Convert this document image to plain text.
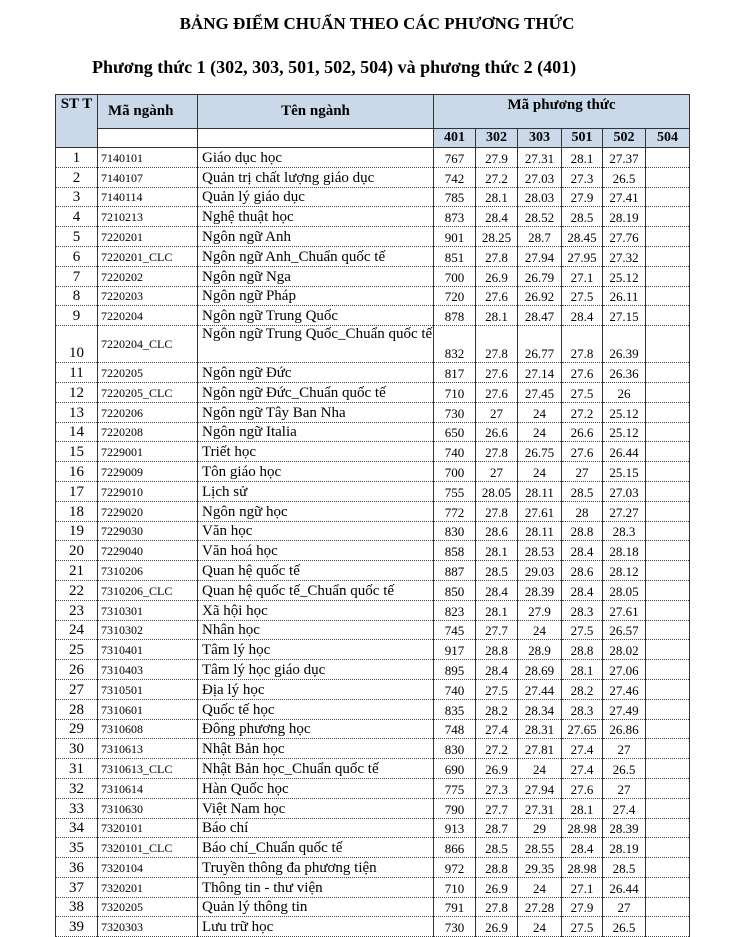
BẢNG ĐIỂM CHUẨN THEO CÁC PHƯƠNG THỨC
Phương thức 1 (302, 303, 501, 502, 504) và phương thức 2 (401)
ST T	Mã ngành	Tên ngành	Mã phương thức					
			401	302	303	501	502	504
1	7140101	Giáo dục học	767	27.9	27.31	28.1	27.37	
2	7140107	Quản trị chất lượng giáo dục	742	27.2	27.03	27.3	26.5	
3	7140114	Quản lý giáo dục	785	28.1	28.03	27.9	27.41	
4	7210213	Nghệ thuật học	873	28.4	28.52	28.5	28.19	
5	7220201	Ngôn ngữ Anh	901	28.25	28.7	28.45	27.76	
6	7220201_CLC	Ngôn ngữ Anh_Chuẩn quốc tế	851	27.8	27.94	27.95	27.32	
7	7220202	Ngôn ngữ Nga	700	26.9	26.79	27.1	25.12	
8	7220203	Ngôn ngữ Pháp	720	27.6	26.92	27.5	26.11	
9	7220204	Ngôn ngữ Trung Quốc	878	28.1	28.47	28.4	27.15	
10	7220204_CLC	Ngôn ngữ Trung Quốc_Chuẩn quốc tế	832	27.8	26.77	27.8	26.39	
11	7220205	Ngôn ngữ Đức	817	27.6	27.14	27.6	26.36	
12	7220205_CLC	Ngôn ngữ Đức_Chuẩn quốc tế	710	27.6	27.45	27.5	26	
13	7220206	Ngôn ngữ Tây Ban Nha	730	27	24	27.2	25.12	
14	7220208	Ngôn ngữ Italia	650	26.6	24	26.6	25.12	
15	7229001	Triết học	740	27.8	26.75	27.6	26.44	
16	7229009	Tôn giáo học	700	27	24	27	25.15	
17	7229010	Lịch sử	755	28.05	28.11	28.5	27.03	
18	7229020	Ngôn ngữ học	772	27.8	27.61	28	27.27	
19	7229030	Văn học	830	28.6	28.11	28.8	28.3	
20	7229040	Văn hoá học	858	28.1	28.53	28.4	28.18	
21	7310206	Quan hệ quốc tế	887	28.5	29.03	28.6	28.12	
22	7310206_CLC	Quan hệ quốc tế_Chuẩn quốc tế	850	28.4	28.39	28.4	28.05	
23	7310301	Xã hội học	823	28.1	27.9	28.3	27.61	
24	7310302	Nhân học	745	27.7	24	27.5	26.57	
25	7310401	Tâm lý học	917	28.8	28.9	28.8	28.02	
26	7310403	Tâm lý học giáo dục	895	28.4	28.69	28.1	27.06	
27	7310501	Địa lý học	740	27.5	27.44	28.2	27.46	
28	7310601	Quốc tế học	835	28.2	28.34	28.3	27.49	
29	7310608	Đông phương học	748	27.4	28.31	27.65	26.86	
30	7310613	Nhật Bản học	830	27.2	27.81	27.4	27	
31	7310613_CLC	Nhật Bản học_Chuẩn quốc tế	690	26.9	24	27.4	26.5	
32	7310614	Hàn Quốc học	775	27.3	27.94	27.6	27	
33	7310630	Việt Nam học	790	27.7	27.31	28.1	27.4	
34	7320101	Báo chí	913	28.7	29	28.98	28.39	
35	7320101_CLC	Báo chí_Chuẩn quốc tế	866	28.5	28.55	28.4	28.19	
36	7320104	Truyền thông đa phương tiện	972	28.8	29.35	28.98	28.5	
37	7320201	Thông tin - thư viện	710	26.9	24	27.1	26.44	
38	7320205	Quản lý thông tin	791	27.8	27.28	27.9	27	
39	7320303	Lưu trữ học	730	26.9	24	27.5	26.5	
